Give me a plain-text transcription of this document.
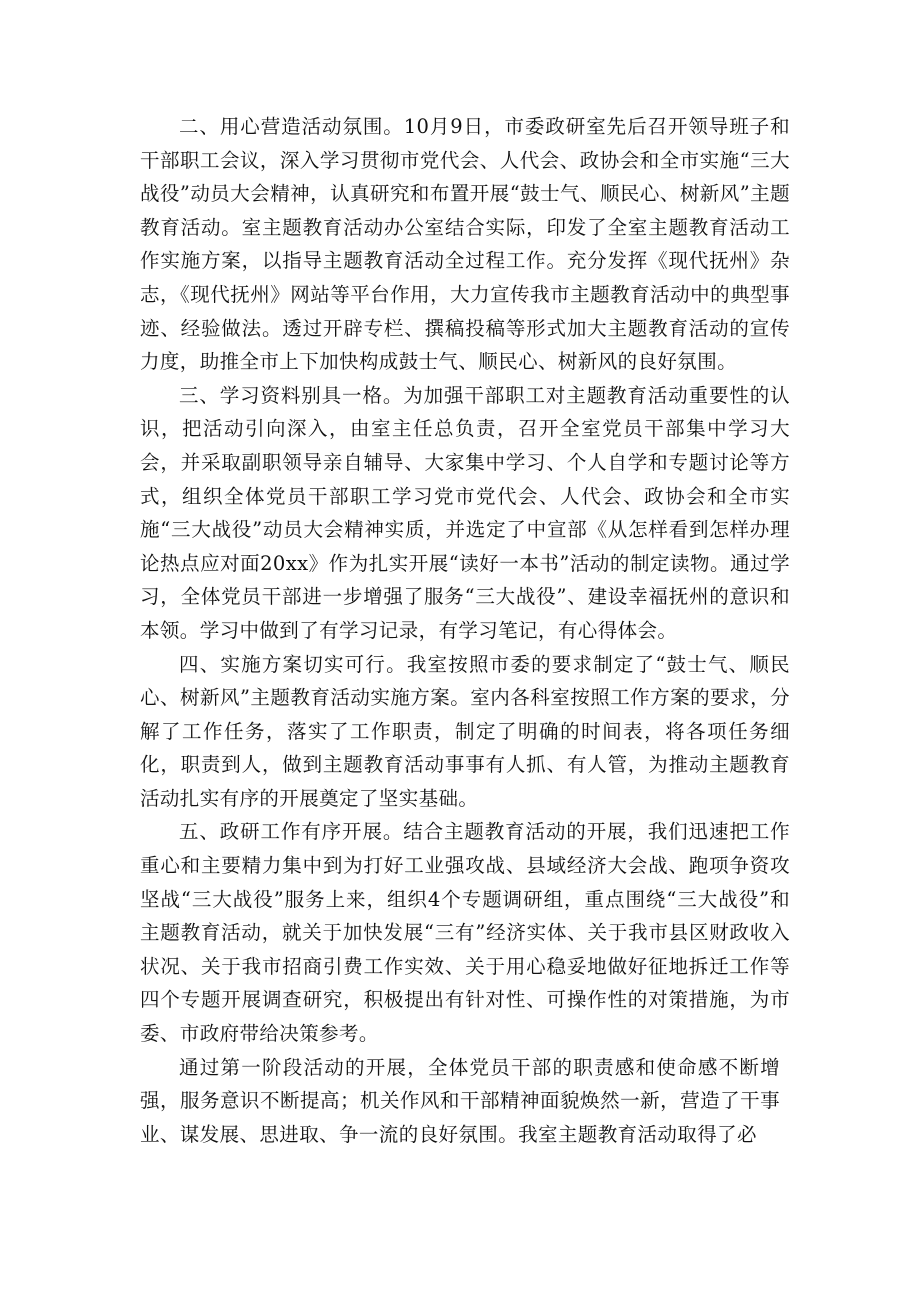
二、用心营造活动氛围。10月9日，市委政研室先后召开领导班子和干部职工会议，深入学习贯彻市党代会、人代会、政协会和全市实施“三大战役”动员大会精神，认真研究和布置开展“鼓士气、顺民心、树新风”主题教育活动。室主题教育活动办公室结合实际，印发了全室主题教育活动工作实施方案，以指导主题教育活动全过程工作。充分发挥《现代抚州》杂志，《现代抚州》网站等平台作用，大力宣传我市主题教育活动中的典型事迹、经验做法。透过开辟专栏、撰稿投稿等形式加大主题教育活动的宣传力度，助推全市上下加快构成鼓士气、顺民心、树新风的良好氛围。

三、学习资料别具一格。为加强干部职工对主题教育活动重要性的认识，把活动引向深入，由室主任总负责，召开全室党员干部集中学习大会，并采取副职领导亲自辅导、大家集中学习、个人自学和专题讨论等方式，组织全体党员干部职工学习党市党代会、人代会、政协会和全市实施“三大战役”动员大会精神实质，并选定了中宣部《从怎样看到怎样办理论热点应对面20xx》作为扎实开展“读好一本书”活动的制定读物。通过学习，全体党员干部进一步增强了服务“三大战役”、建设幸福抚州的意识和本领。学习中做到了有学习记录，有学习笔记，有心得体会。

四、实施方案切实可行。我室按照市委的要求制定了“鼓士气、顺民心、树新风”主题教育活动实施方案。室内各科室按照工作方案的要求，分解了工作任务，落实了工作职责，制定了明确的时间表，将各项任务细化，职责到人，做到主题教育活动事事有人抓、有人管，为推动主题教育活动扎实有序的开展奠定了坚实基础。

五、政研工作有序开展。结合主题教育活动的开展，我们迅速把工作重心和主要精力集中到为打好工业强攻战、县域经济大会战、跑项争资攻坚战“三大战役”服务上来，组织4个专题调研组，重点围绕“三大战役”和主题教育活动，就关于加快发展“三有”经济实体、关于我市县区财政收入状况、关于我市招商引费工作实效、关于用心稳妥地做好征地拆迁工作等四个专题开展调查研究，积极提出有针对性、可操作性的对策措施，为市委、市政府带给决策参考。

通过第一阶段活动的开展，全体党员干部的职责感和使命感不断增强，服务意识不断提高；机关作风和干部精神面貌焕然一新，营造了干事业、谋发展、思进取、争一流的良好氛围。我室主题教育活动取得了必
